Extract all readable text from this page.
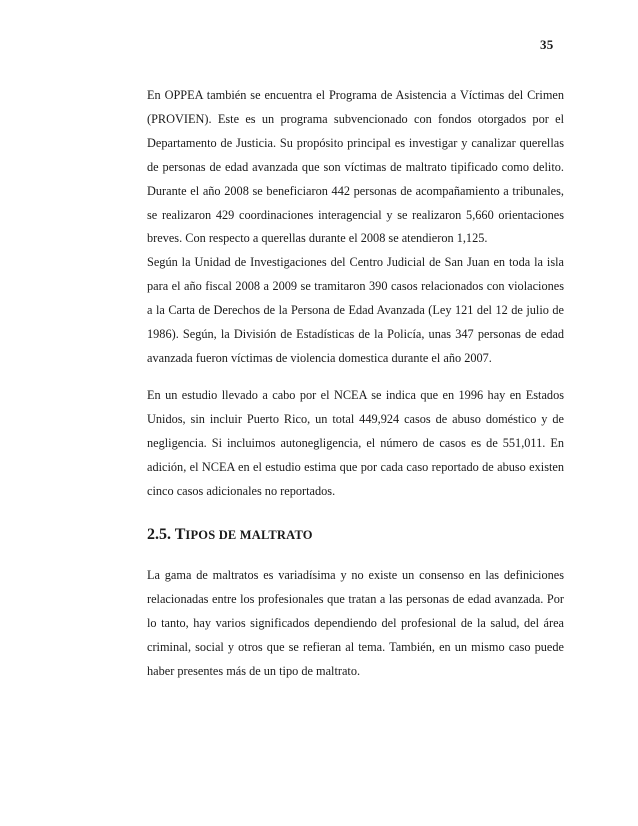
35

En OPPEA también se encuentra el Programa de Asistencia a Víctimas del Crimen (PROVIEN). Este es un programa subvencionado con fondos otorgados por el Departamento de Justicia. Su propósito principal es investigar y canalizar querellas de personas de edad avanzada que son víctimas de maltrato tipificado como delito. Durante el año 2008 se beneficiaron 442 personas de acompañamiento a tribunales, se realizaron 429 coordinaciones interagencial y se realizaron 5,660 orientaciones breves. Con respecto a querellas durante el 2008 se atendieron 1,125.

Según la Unidad de Investigaciones del Centro Judicial de San Juan en toda la isla para el año fiscal 2008 a 2009 se tramitaron 390 casos relacionados con violaciones a la Carta de Derechos de la Persona de Edad Avanzada (Ley 121 del 12 de julio de 1986). Según, la División de Estadísticas de la Policía, unas 347 personas de edad avanzada fueron víctimas de violencia domestica durante el año 2007.

En un estudio llevado a cabo por el NCEA se indica que en 1996 hay en Estados Unidos, sin incluir Puerto Rico, un total 449,924 casos de abuso doméstico y de negligencia. Si incluimos autonegligencia, el número de casos es de 551,011. En adición, el NCEA en el estudio estima que por cada caso reportado de abuso existen cinco casos adicionales no reportados.

2.5. TIPOS DE MALTRATO

La gama de maltratos es variadísima y no existe un consenso en las definiciones relacionadas entre los profesionales que tratan a las personas de edad avanzada. Por lo tanto, hay varios significados dependiendo del profesional de la salud, del área criminal, social y otros que se refieran al tema. También, en un mismo caso puede haber presentes más de un tipo de maltrato.
